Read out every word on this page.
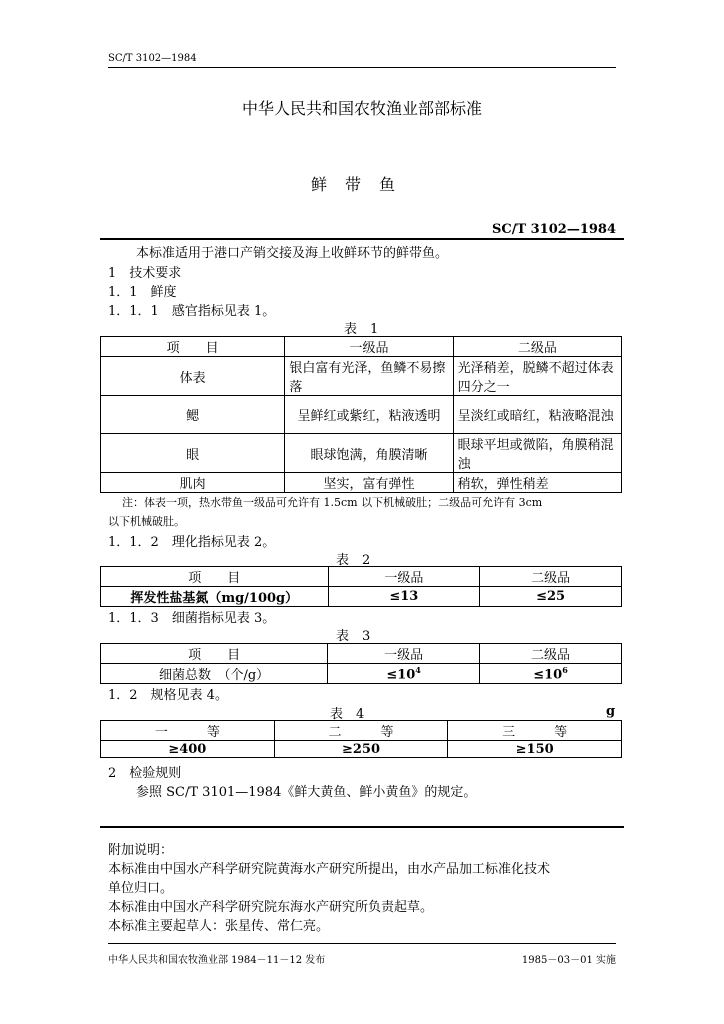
SC/T 3102—1984
中华人民共和国农牧渔业部部标准
鲜带鱼
SC/T 3102—1984
本标准适用于港口产销交接及海上收鲜环节的鲜带鱼。
1　技术要求
1．1　鲜度
1．1．1　感官指标见表 1。
表　1
项　　目	一级品	二级品
体表	银白富有光泽，鱼鳞不易擦落	光泽稍差，脱鳞不超过体表四分之一
鳃	呈鲜红或紫红，粘液透明	呈淡红或暗红，粘液略混浊
眼	眼球饱满，角膜清晰	眼球平坦或微陷，角膜稍混浊
肌肉	坚实，富有弹性	稍软，弹性稍差
注：体表一项，热水带鱼一级品可允许有 1.5cm 以下机械破肚；二级品可允许有 3cm
以下机械破肚。
1．1．2　理化指标见表 2。
表　2
项　　目	一级品	二级品
挥发性盐基氮（mg/100g）	≤13	≤25
1．1．3　细菌指标见表 3。
表　3
项　　目	一级品	二级品
细菌总数　（个/g）	$\le 10^4$	$\le 10^6$
1．2　规格见表 4。
表　4	g
一　　　等	二　　　等	三　　　等
≥400	≥250	≥150
2　检验规则
参照 SC/T 3101—1984《鲜大黄鱼、鲜小黄鱼》的规定。
附加说明：
本标准由中国水产科学研究院黄海水产研究所提出，由水产品加工标准化技术
单位归口。
本标准由中国水产科学研究院东海水产研究所负责起草。
本标准主要起草人：张星传、常仁亮。
中华人民共和国农牧渔业部 1984－11－12 发布	1985－03－01 实施
